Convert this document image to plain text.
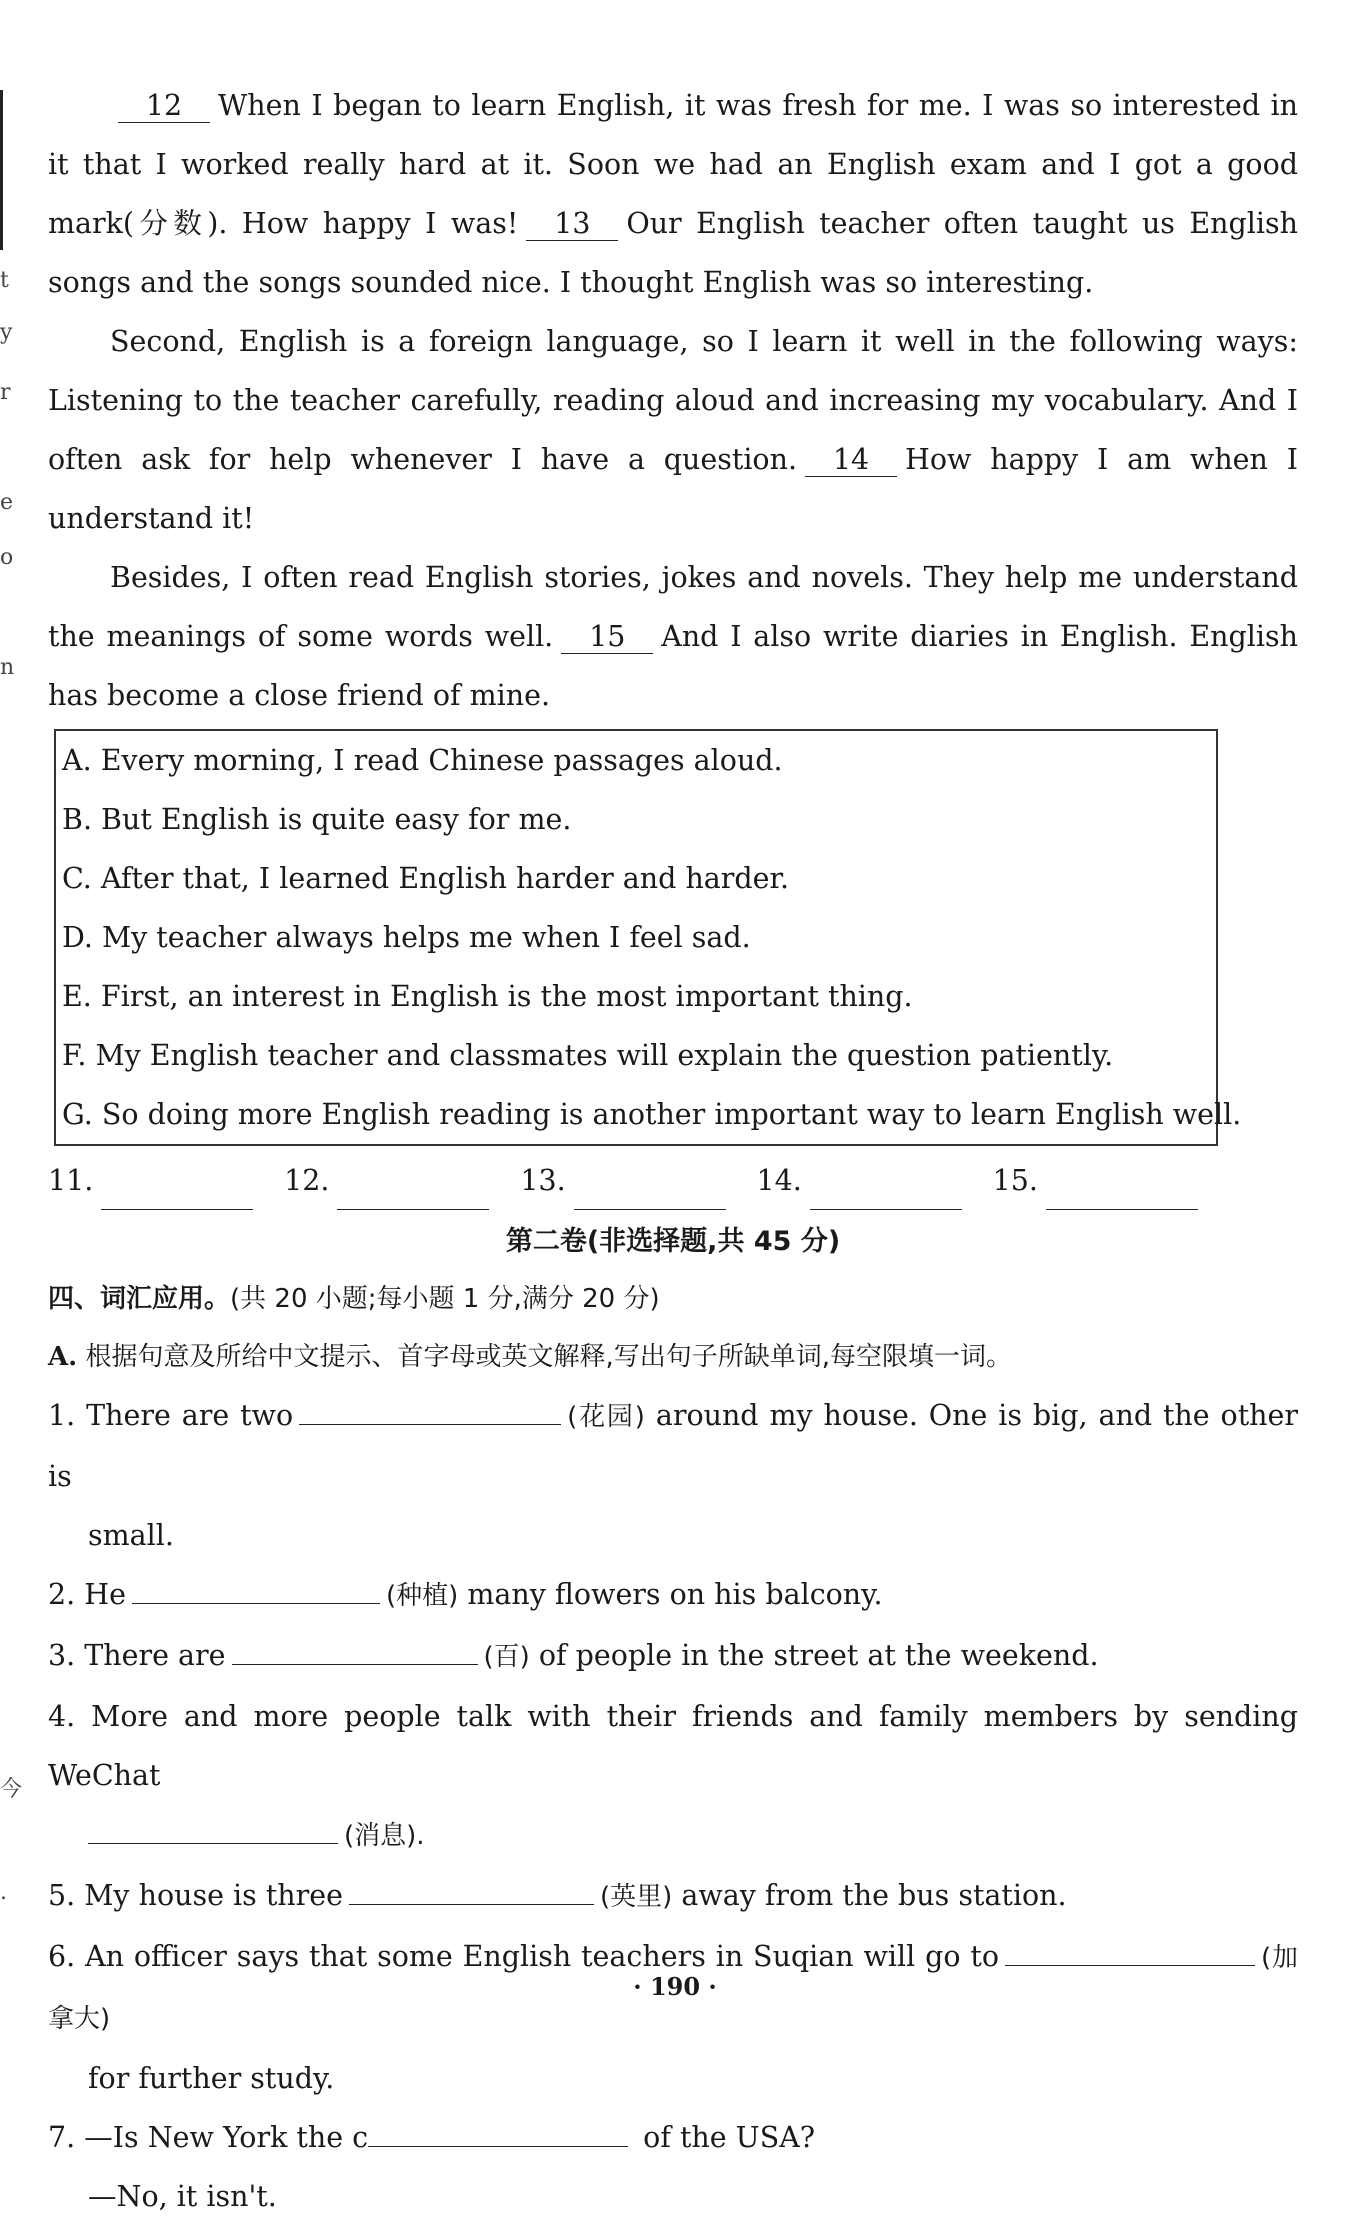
t
y
r
e
o
n
今
.

12 When I began to learn English, it was fresh for me. I was so interested in it that I worked really hard at it. Soon we had an English exam and I got a good mark(分数). How happy I was! 13 Our English teacher often taught us English songs and the songs sounded nice. I thought English was so interesting.

Second, English is a foreign language, so I learn it well in the following ways: Listening to the teacher carefully, reading aloud and increasing my vocabulary. And I often ask for help whenever I have a question. 14 How happy I am when I understand it!

Besides, I often read English stories, jokes and novels. They help me understand the meanings of some words well. 15 And I also write diaries in English. English has become a close friend of mine.

A. Every morning, I read Chinese passages aloud.
B. But English is quite easy for me.
C. After that, I learned English harder and harder.
D. My teacher always helps me when I feel sad.
E. First, an interest in English is the most important thing.
F. My English teacher and classmates will explain the question patiently.
G. So doing more English reading is another important way to learn English well.
11.	12.	13.	14.	15.
第二卷(非选择题,共 45 分)
四、词汇应用。(共 20 小题;每小题 1 分,满分 20 分)
A. 根据句意及所给中文提示、首字母或英文解释,写出句子所缺单词,每空限填一词。
1. There are two	(花园) around my house. One is big, and the other is
small.
2. He	(种植) many flowers on his balcony.
3. There are	(百) of people in the street at the weekend.
4. More and more people talk with their friends and family members by sending WeChat
(消息).
5. My house is three	(英里) away from the bus station.
6. An officer says that some English teachers in Suqian will go to	(加拿大)
for further study.
7. —Is New York the c	of the USA?
—No, it isn't.
· 190 ·
